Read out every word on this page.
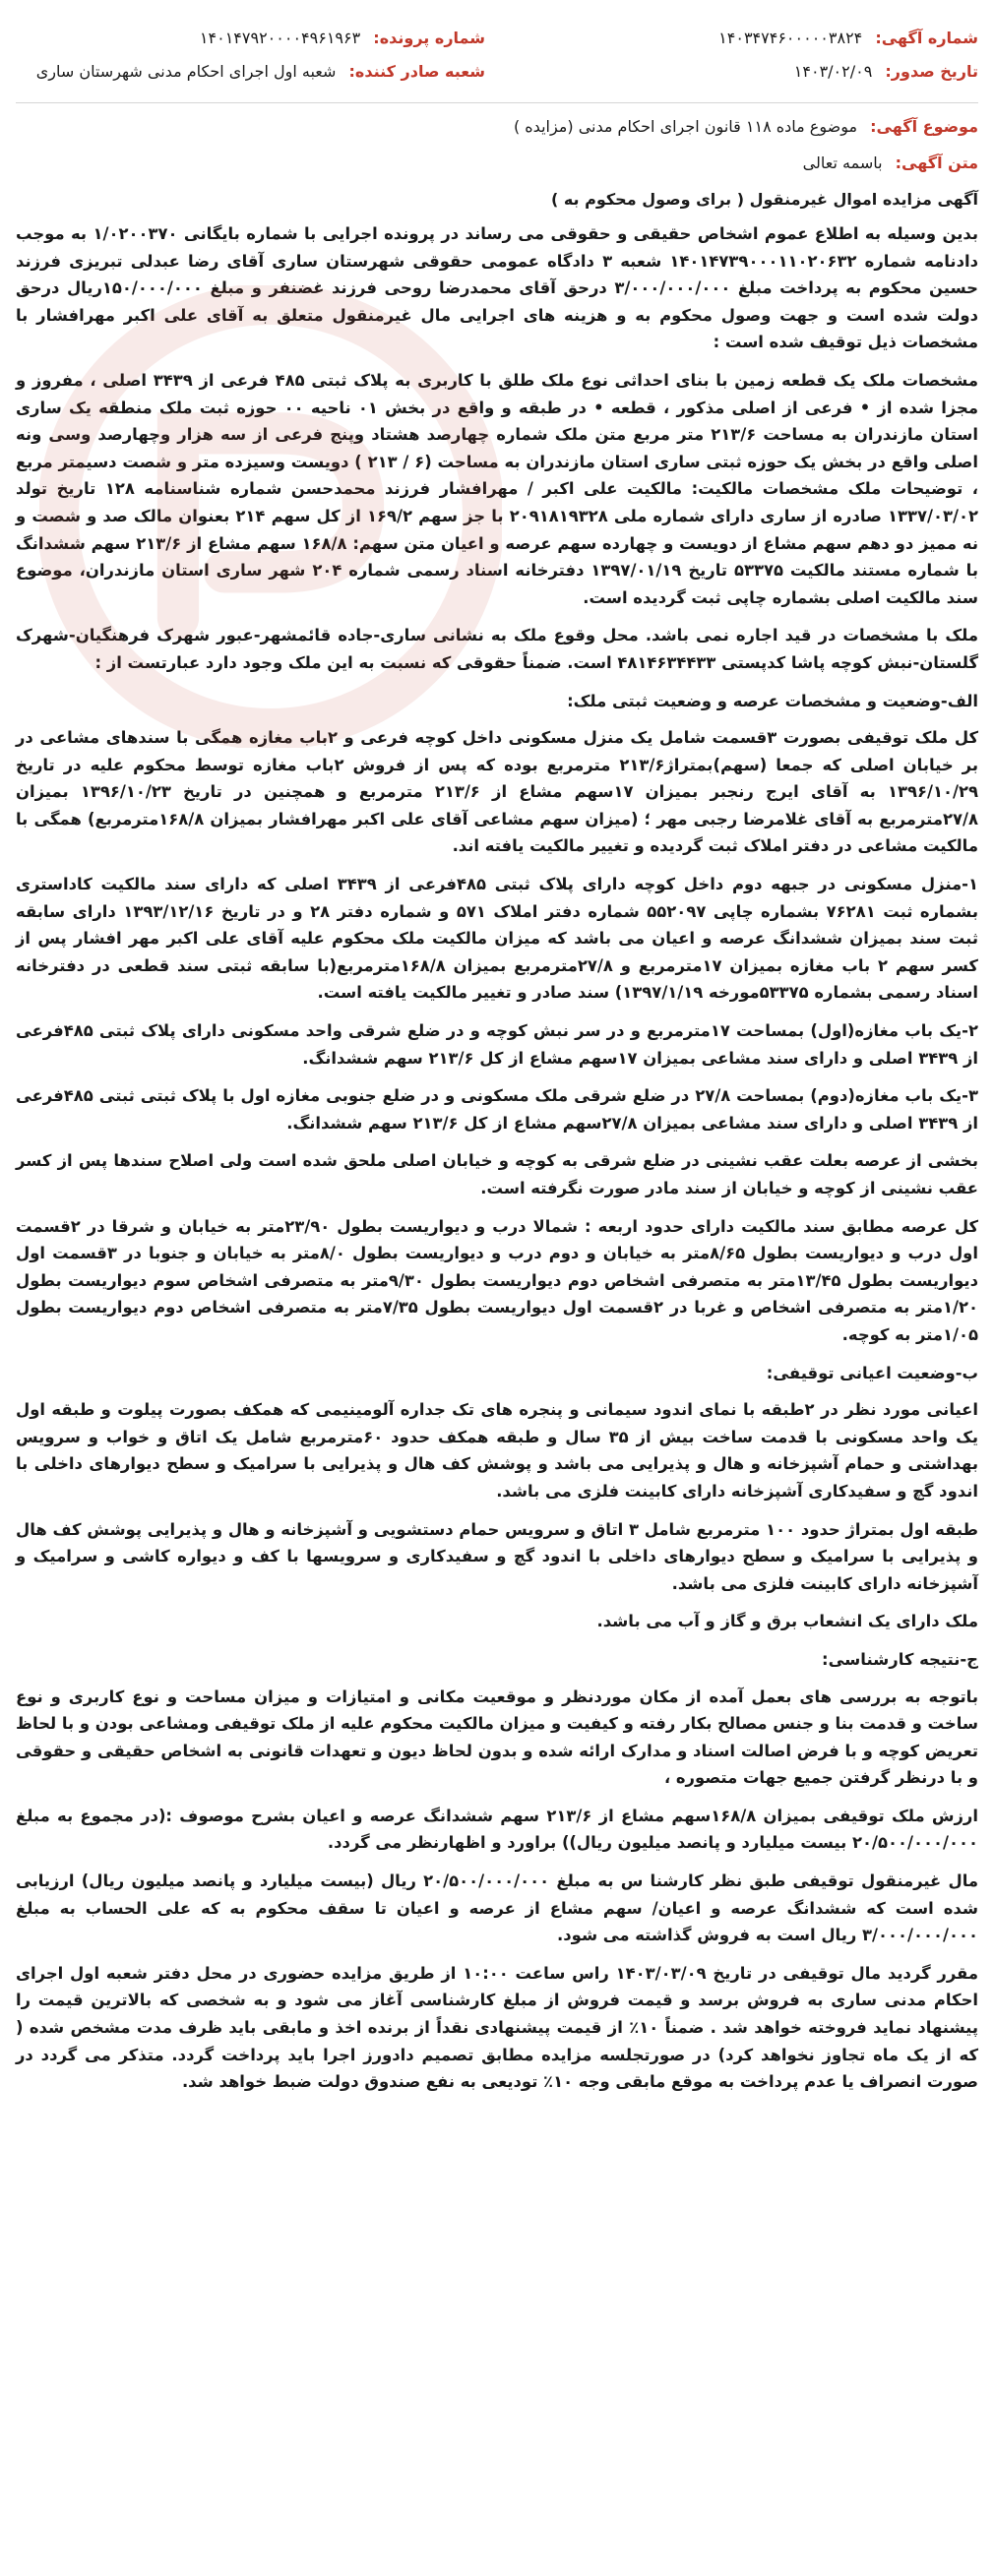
شماره آگهی: ۱۴۰۳۴۷۴۶۰۰۰۰۰۳۸۲۴
شماره پرونده: ۱۴۰۱۴۷۹۲۰۰۰۰۴۹۶۱۹۶۳
تاریخ صدور: ۱۴۰۳/۰۲/۰۹
شعبه صادر کننده: شعبه اول اجرای احکام مدنی شهرستان ساری

موضوع آگهی: موضوع ماده ۱۱۸ قانون اجرای احکام مدنی (مزایده )

متن آگهی: باسمه تعالی

آگهی مزایده اموال غیرمنقول ( برای وصول محکوم به )

بدین وسیله به اطلاع عموم اشخاص حقیقی و حقوقی می رساند در پرونده اجرایی با شماره بایگانی ۱/۰۲۰۰۳۷۰ به موجب دادنامه شماره ۱۴۰۱۴۷۳۹۰۰۰۱۱۰۲۰۶۳۲ شعبه ۳ دادگاه عمومی حقوقی شهرستان ساری آقای رضا عبدلی تبریزی فرزند حسین محکوم به پرداخت مبلغ ۳/۰۰۰/۰۰۰/۰۰۰ درحق آقای محمدرضا روحی فرزند غضنفر و مبلغ ۱۵۰/۰۰۰/۰۰۰ریال درحق دولت شده است و جهت وصول محکوم به و هزینه های اجرایی مال غیرمنقول متعلق به آقای علی اکبر مهرافشار با مشخصات ذیل توقیف شده است :

مشخصات ملک یک قطعه زمین با بنای احداثی نوع ملک طلق با کاربری به پلاک ثبتی ۴۸۵ فرعی از ۳۴۳۹ اصلی ، مفروز و مجزا شده از • فرعی از اصلی مذکور ، قطعه • در طبقه و واقع در بخش ۰۱ ناحیه ۰۰ حوزه ثبت ملک منطقه یک ساری استان مازندران به مساحت ۲۱۳/۶ متر مربع متن ملک شماره چهارصد هشتاد وپنج فرعی از سه هزار وچهارصد وسی ونه اصلی واقع در بخش یک حوزه ثبتی ساری استان مازندران به مساحت (۶ / ۲۱۳ ) دویست وسیزده متر و شصت دسیمتر مربع ، توضیحات ملک مشخصات مالکیت: مالکیت علی اکبر / مهرافشار فرزند محمدحسن شماره شناسنامه ۱۲۸ تاریخ تولد ۱۳۳۷/۰۳/۰۲ صادره از ساری دارای شماره ملی ۲۰۹۱۸۱۹۳۲۸ با جز سهم ۱۶۹/۲ از کل سهم ۲۱۴ بعنوان مالک صد و شصت و نه ممیز دو دهم سهم مشاع از دویست و چهارده سهم عرصه و اعیان متن سهم: ۱۶۸/۸ سهم مشاع از ۲۱۳/۶ سهم ششدانگ با شماره مستند مالکیت ۵۳۳۷۵ تاریخ ۱۳۹۷/۰۱/۱۹ دفترخانه اسناد رسمی شماره ۲۰۴ شهر ساری استان مازندران، موضوع سند مالکیت اصلی بشماره چاپی ثبت گردیده است.

ملک با مشخصات در قید اجاره نمی باشد. محل وقوع ملک به نشانی ساری-جاده قائمشهر-عبور شهرک فرهنگیان-شهرک گلستان-نبش کوچه پاشا کدپستی ۴۸۱۴۶۳۴۴۳۳ است. ضمناً حقوقی که نسبت به این ملک وجود دارد عبارتست از :

الف-وضعیت و مشخصات عرصه و وضعیت ثبتی ملک:

کل ملک توقیفی بصورت ۳قسمت شامل یک منزل مسکونی داخل کوچه فرعی و ۲باب مغازه همگی با سندهای مشاعی در بر خیابان اصلی که جمعا (سهم)بمتراژ۲۱۳/۶ مترمربع بوده که پس از فروش ۲باب مغازه توسط محکوم علیه در تاریخ ۱۳۹۶/۱۰/۲۹ به آقای ایرج رنجبر بمیزان ۱۷سهم مشاع از ۲۱۳/۶ مترمربع و همچنین در تاریخ ۱۳۹۶/۱۰/۲۳ بمیزان ۲۷/۸مترمربع به آقای غلامرضا رجبی مهر ؛ (میزان سهم مشاعی آقای علی اکبر مهرافشار بمیزان ۱۶۸/۸مترمربع) همگی با مالکیت مشاعی در دفتر املاک ثبت گردیده و تغییر مالکیت یافته اند.

۱-منزل مسکونی در جبهه دوم داخل کوچه دارای پلاک ثبتی ۴۸۵فرعی از ۳۴۳۹ اصلی که دارای سند مالکیت کاداستری بشماره ثبت ۷۶۲۸۱ بشماره چاپی ۵۵۲۰۹۷ شماره دفتر املاک ۵۷۱ و شماره دفتر ۲۸ و در تاریخ ۱۳۹۳/۱۲/۱۶ دارای سابقه ثبت سند بمیزان ششدانگ عرصه و اعیان می باشد که میزان مالکیت ملک محکوم علیه آقای علی اکبر مهر افشار پس از کسر سهم ۲ باب مغازه بمیزان ۱۷مترمربع و ۲۷/۸مترمربع بمیزان ۱۶۸/۸مترمربع(با سابقه ثبتی سند قطعی در دفترخانه اسناد رسمی بشماره ۵۳۳۷۵مورخه ۱۳۹۷/۱/۱۹) سند صادر و تغییر مالکیت یافته است.

۲-یک باب مغازه(اول) بمساحت ۱۷مترمربع و در سر نبش کوچه و در ضلع شرقی واحد مسکونی دارای پلاک ثبتی ۴۸۵فرعی از ۳۴۳۹ اصلی و دارای سند مشاعی بمیزان ۱۷سهم مشاع از کل ۲۱۳/۶ سهم ششدانگ.

۳-یک باب مغازه(دوم) بمساحت ۲۷/۸ در ضلع شرقی ملک مسکونی و در ضلع جنوبی مغازه اول با پلاک ثبتی ثبتی ۴۸۵فرعی از ۳۴۳۹ اصلی و دارای سند مشاعی بمیزان ۲۷/۸سهم مشاع از کل ۲۱۳/۶ سهم ششدانگ.

بخشی از عرصه بعلت عقب نشینی در ضلع شرقی به کوچه و خیابان اصلی ملحق شده است ولی اصلاح سندها پس از کسر عقب نشینی از کوچه و خیابان از سند مادر صورت نگرفته است.

کل عرصه مطابق سند مالکیت دارای حدود اربعه : شمالا درب و دیواریست بطول ۲۳/۹۰متر به خیابان و شرقا در ۲قسمت اول درب و دیواریست بطول ۸/۶۵متر به خیابان و دوم درب و دیواریست بطول ۸/۰متر به خیابان و جنوبا در ۳قسمت اول دیواریست بطول ۱۳/۴۵متر به متصرفی اشخاص دوم دیواریست بطول ۹/۳۰متر به متصرفی اشخاص سوم دیواریست بطول ۱/۲۰متر به متصرفی اشخاص و غربا در ۲قسمت اول دیواریست بطول ۷/۳۵متر به متصرفی اشخاص دوم دیواریست بطول ۱/۰۵متر به کوچه.

ب-وضعیت اعیانی توقیفی:

اعیانی مورد نظر در ۲طبقه با نمای اندود سیمانی و پنجره های تک جداره آلومینیمی که همکف بصورت پیلوت و طبقه اول یک واحد مسکونی با قدمت ساخت بیش از ۳۵ سال و طبقه همکف حدود ۶۰مترمربع شامل یک اتاق و خواب و سرویس بهداشتی و حمام آشپزخانه و هال و پذیرایی می باشد و پوشش کف هال و پذیرایی با سرامیک و سطح دیوارهای داخلی با اندود گچ و سفیدکاری آشپزخانه دارای کابینت فلزی می باشد.

طبقه اول بمتراژ حدود ۱۰۰ مترمربع شامل ۳ اتاق و سرویس حمام دستشویی و آشپزخانه و هال و پذیرایی پوشش کف هال و پذیرایی با سرامیک و سطح دیوارهای داخلی با اندود گچ و سفیدکاری و سرویسها با کف و دیواره کاشی و سرامیک و آشپزخانه دارای کابینت فلزی می باشد.

ملک دارای یک انشعاب برق و گاز و آب می باشد.

ج-نتیجه کارشناسی:

باتوجه به بررسی های بعمل آمده از مکان موردنظر و موقعیت مکانی و امتیازات و میزان مساحت و نوع کاربری و نوع ساخت و قدمت بنا و جنس مصالح بکار رفته و کیفیت و میزان مالکیت محکوم علیه از ملک توقیفی ومشاعی بودن و با لحاظ تعریض کوچه و با فرض اصالت اسناد و مدارک ارائه شده و بدون لحاظ دیون و تعهدات قانونی به اشخاص حقیقی و حقوقی و با درنظر گرفتن جمیع جهات متصوره ،

ارزش ملک توقیفی بمیزان ۱۶۸/۸سهم مشاع از ۲۱۳/۶ سهم ششدانگ عرصه و اعیان بشرح موصوف :(در مجموع به مبلغ ۲۰/۵۰۰/۰۰۰/۰۰۰ بیست میلیارد و پانصد میلیون ریال)) براورد و اظهارنظر می گردد.

مال غیرمنقول توقیفی طبق نظر کارشنا س به مبلغ ۲۰/۵۰۰/۰۰۰/۰۰۰ ریال (بیست میلیارد و پانصد میلیون ریال) ارزیابی شده است که ششدانگ عرصه و اعیان/ سهم مشاع از عرصه و اعیان تا سقف محکوم به که علی الحساب به مبلغ ۳/۰۰۰/۰۰۰/۰۰۰ ریال است به فروش گذاشته می شود.

مقرر گردید مال توقیفی در تاریخ ۱۴۰۳/۰۳/۰۹ راس ساعت ۱۰:۰۰ از طریق مزایده حضوری در محل دفتر شعبه اول اجرای احکام مدنی ساری به فروش برسد و قیمت فروش از مبلغ کارشناسی آغاز می شود و به شخصی که بالاترین قیمت را پیشنهاد نماید فروخته خواهد شد . ضمناً ۱۰٪ از قیمت پیشنهادی نقداً از برنده اخذ و مابقی باید ظرف مدت مشخص شده ( که از یک ماه تجاوز نخواهد کرد) در صورتجلسه مزایده مطابق تصمیم دادورز اجرا باید پرداخت گردد. متذکر می گردد در صورت انصراف یا عدم پرداخت به موقع مابقی وجه ۱۰٪ تودیعی به نفع صندوق دولت ضبط خواهد شد.
